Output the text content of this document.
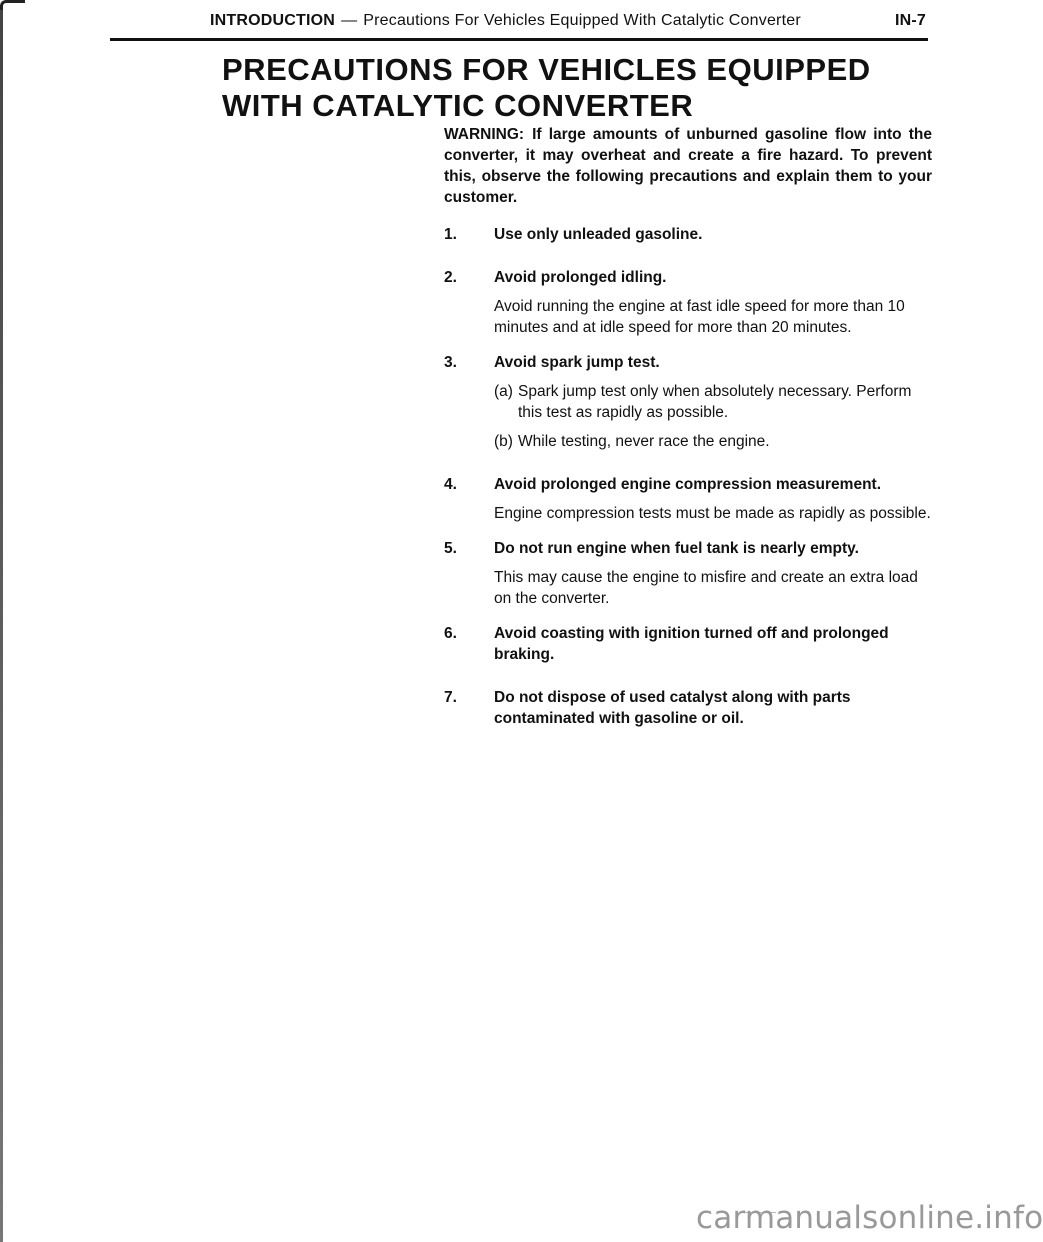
INTRODUCTION — Precautions For Vehicles Equipped With Catalytic Converter	IN-7
PRECAUTIONS FOR VEHICLES EQUIPPED WITH CATALYTIC CONVERTER

WARNING: If large amounts of unburned gasoline flow into the converter, it may overheat and create a fire hazard. To prevent this, observe the following precautions and explain them to your customer.

1.	Use only unleaded gasoline.
2.	Avoid prolonged idling.

Avoid running the engine at fast idle speed for more than 10 minutes and at idle speed for more than 20 minutes.

3.	Avoid spark jump test.
(a) Spark jump test only when absolutely necessary. Perform this test as rapidly as possible.
(b) While testing, never race the engine.
4.	Avoid prolonged engine compression measurement.

Engine compression tests must be made as rapidly as possible.

5.	Do not run engine when fuel tank is nearly empty.

This may cause the engine to misfire and create an extra load on the converter.

6.	Avoid coasting with ignition turned off and prolonged braking.
7.	Do not dispose of used catalyst along with parts contaminated with gasoline or oil.
carmanualsonline.info
